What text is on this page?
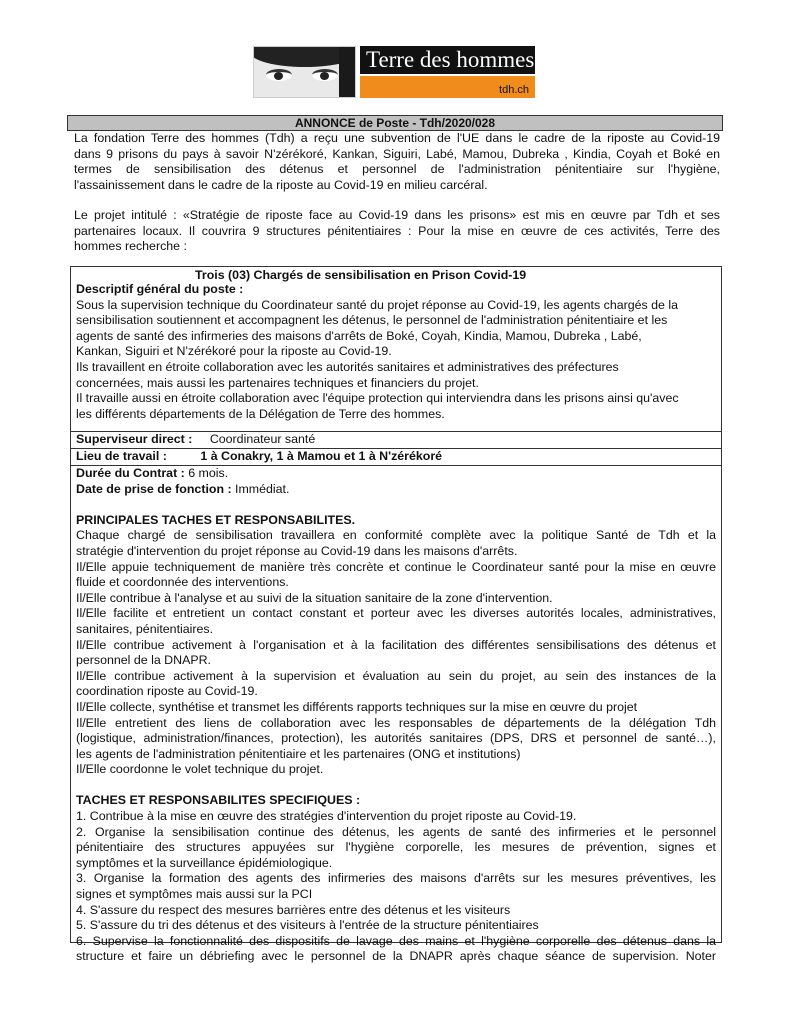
Terre des hommes
tdh.ch
ANNONCE de Poste - Tdh/2020/028
La fondation Terre des hommes (Tdh) a reçu une subvention de l'UE dans le cadre de la riposte au Covid-19
dans 9 prisons du pays à savoir N'zérékoré, Kankan, Siguiri, Labé, Mamou, Dubreka , Kindia, Coyah et Boké en
termes de sensibilisation des détenus et personnel de l'administration pénitentiaire sur l'hygiène,
l'assainissement dans le cadre de la riposte au Covid-19 en milieu carcéral.
Le projet intitulé : «Stratégie de riposte face au Covid-19 dans les prisons» est mis en œuvre par Tdh et ses
partenaires locaux. Il couvrira 9 structures pénitentiaires : Pour la mise en œuvre de ces activités, Terre des
hommes recherche :
Trois (03) Chargés de sensibilisation en Prison Covid-19
Descriptif général du poste :
Sous la supervision technique du Coordinateur santé du projet réponse au Covid-19, les agents chargés de la
sensibilisation soutiennent et accompagnent les détenus, le personnel de l'administration pénitentiaire et les
agents de santé des infirmeries des maisons d'arrêts de Boké, Coyah, Kindia, Mamou, Dubreka , Labé,
Kankan, Siguiri et N'zérékoré pour la riposte au Covid-19.
Ils travaillent en étroite collaboration avec les autorités sanitaires et administratives des préfectures
concernées, mais aussi les partenaires techniques et financiers du projet.
Il travaille aussi en étroite collaboration avec l'équipe protection qui interviendra dans les prisons ainsi qu'avec
les différents départements de la Délégation de Terre des hommes.
Superviseur direct : Coordinateur santé
Lieu de travail :	1 à Conakry, 1 à Mamou et 1 à N'zérékoré
Durée du Contrat : 6 mois.
Date de prise de fonction : Immédiat.
PRINCIPALES TACHES ET RESPONSABILITES.
Chaque chargé de sensibilisation travaillera en conformité complète avec la politique Santé de Tdh et la
stratégie d'intervention du projet réponse au Covid-19 dans les maisons d'arrêts.
Il/Elle appuie techniquement de manière très concrète et continue le Coordinateur santé pour la mise en œuvre
fluide et coordonnée des interventions.
Il/Elle contribue à l'analyse et au suivi de la situation sanitaire de la zone d'intervention.
Il/Elle facilite et entretient un contact constant et porteur avec les diverses autorités locales, administratives,
sanitaires, pénitentiaires.
Il/Elle contribue activement à l'organisation et à la facilitation des différentes sensibilisations des détenus et
personnel de la DNAPR.
Il/Elle contribue activement à la supervision et évaluation au sein du projet, au sein des instances de la
coordination riposte au Covid-19.
Il/Elle collecte, synthétise et transmet les différents rapports techniques sur la mise en œuvre du projet
Il/Elle entretient des liens de collaboration avec les responsables de départements de la délégation Tdh
(logistique, administration/finances, protection), les autorités sanitaires (DPS, DRS et personnel de santé…),
les agents de l'administration pénitentiaire et les partenaires (ONG et institutions)
Il/Elle coordonne le volet technique du projet.
TACHES ET RESPONSABILITES SPECIFIQUES :
1. Contribue à la mise en œuvre des stratégies d'intervention du projet riposte au Covid-19.
2. Organise la sensibilisation continue des détenus, les agents de santé des infirmeries et le personnel
pénitentiaire des structures appuyées sur l'hygiène corporelle, les mesures de prévention, signes et
symptômes et la surveillance épidémiologique.
3. Organise la formation des agents des infirmeries des maisons d'arrêts sur les mesures préventives, les
signes et symptômes mais aussi sur la PCI
4. S'assure du respect des mesures barrières entre des détenus et les visiteurs
5. S'assure du tri des détenus et des visiteurs à l'entrée de la structure pénitentiaires
6. Supervise la fonctionnalité des dispositifs de lavage des mains et l'hygiène corporelle des détenus dans la
structure et faire un débriefing avec le personnel de la DNAPR après chaque séance de supervision. Noter
